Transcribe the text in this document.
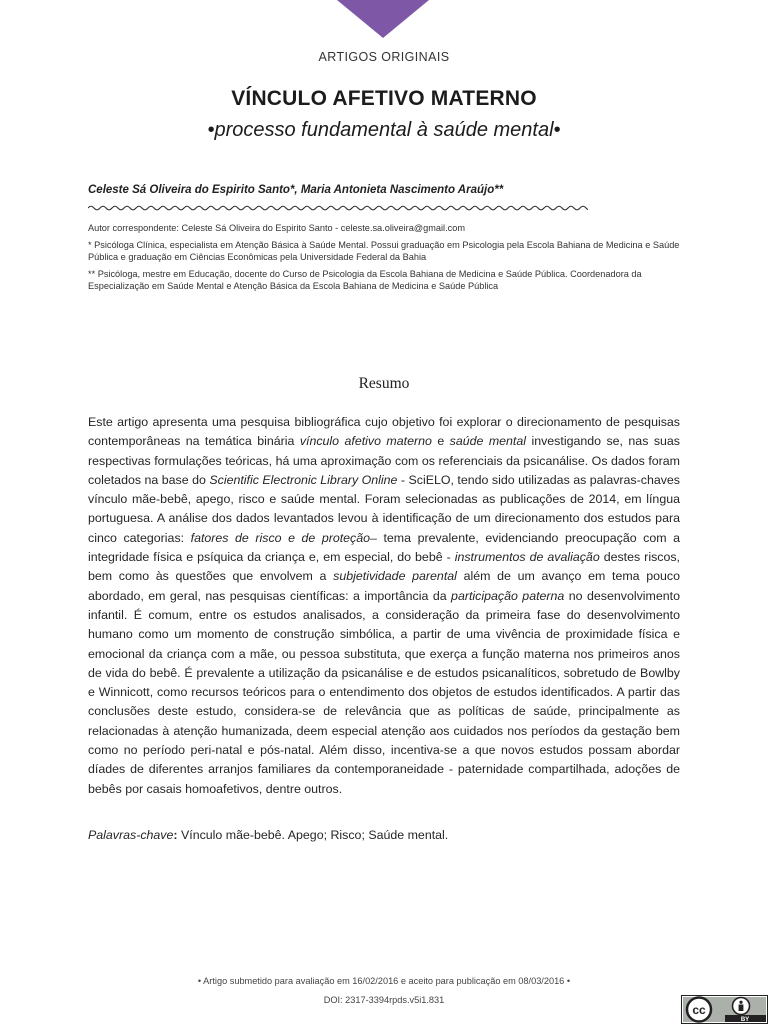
ARTIGOS ORIGINAIS
VÍNCULO AFETIVO MATERNO
•processo fundamental à saúde mental•
Celeste Sá Oliveira do Espirito Santo*, Maria Antonieta Nascimento Araújo**

Autor correspondente: Celeste Sá Oliveira do Espirito Santo - celeste.sa.oliveira@gmail.com

* Psicóloga Clínica, especialista em Atenção Básica à Saúde Mental. Possui graduação em Psicologia pela Escola Bahiana de Medicina e Saúde Pública e graduação em Ciências Econômicas pela Universidade Federal da Bahia

** Psicóloga, mestre em Educação, docente do Curso de Psicologia da Escola Bahiana de Medicina e Saúde Pública. Coordenadora da Especialização em Saúde Mental e Atenção Básica da Escola Bahiana de Medicina e Saúde Pública

Resumo

Este artigo apresenta uma pesquisa bibliográfica cujo objetivo foi explorar o direcionamento de pesquisas contemporâneas na temática binária vínculo afetivo materno e saúde mental investigando se, nas suas respectivas formulações teóricas, há uma aproximação com os referenciais da psicanálise. Os dados foram coletados na base do Scientific Electronic Library Online - SciELO, tendo sido utilizadas as palavras-chaves vínculo mãe-bebê, apego, risco e saúde mental. Foram selecionadas as publicações de 2014, em língua portuguesa. A análise dos dados levantados levou à identificação de um direcionamento dos estudos para cinco categorias: fatores de risco e de proteção– tema prevalente, evidenciando preocupação com a integridade física e psíquica da criança e, em especial, do bebê - instrumentos de avaliação destes riscos, bem como às questões que envolvem a subjetividade parental além de um avanço em tema pouco abordado, em geral, nas pesquisas científicas: a importância da participação paterna no desenvolvimento infantil. É comum, entre os estudos analisados, a consideração da primeira fase do desenvolvimento humano como um momento de construção simbólica, a partir de uma vivência de proximidade física e emocional da criança com a mãe, ou pessoa substituta, que exerça a função materna nos primeiros anos de vida do bebê. É prevalente a utilização da psicanálise e de estudos psicanalíticos, sobretudo de Bowlby e Winnicott, como recursos teóricos para o entendimento dos objetos de estudos identificados. A partir das conclusões deste estudo, considera-se de relevância que as políticas de saúde, principalmente as relacionadas à atenção humanizada, deem especial atenção aos cuidados nos períodos da gestação bem como no período peri-natal e pós-natal. Além disso, incentiva-se a que novos estudos possam abordar díades de diferentes arranjos familiares da contemporaneidade - paternidade compartilhada, adoções de bebês por casais homoafetivos, dentre outros.

Palavras-chave: Vínculo mãe-bebê. Apego; Risco; Saúde mental.
• Artigo submetido para avaliação em 16/02/2016 e aceito para publicação em 08/03/2016 •
DOI: 2317-3394rpds.v5i1.831
cc
BY
